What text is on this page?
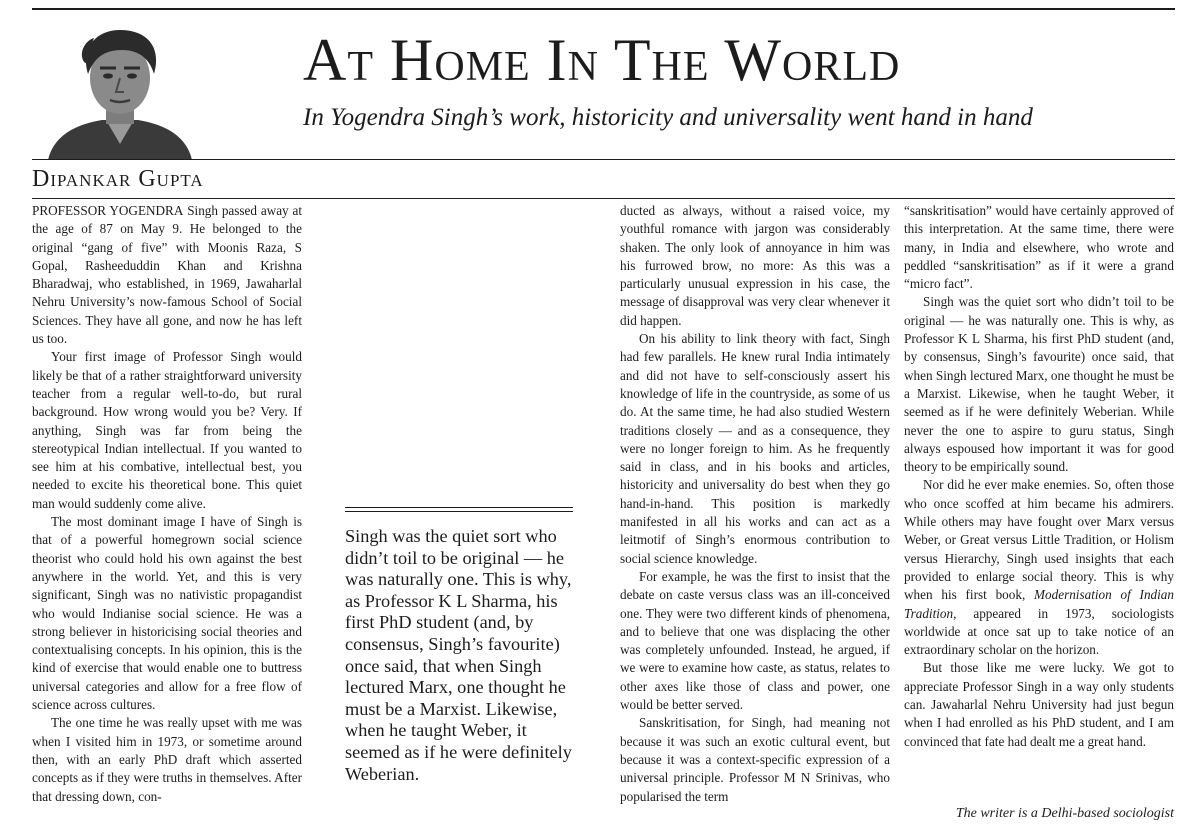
At Home In The World
In Yogendra Singh’s work, historicity and universality went hand in hand
Dipankar Gupta

PROFESSOR YOGENDRA Singh passed away at the age of 87 on May 9. He belonged to the original “gang of five” with Moonis Raza, S Gopal, Rasheeduddin Khan and Krishna Bharadwaj, who established, in 1969, Jawaharlal Nehru University’s now-famous School of Social Sciences. They have all gone, and now he has left us too.

Your first image of Professor Singh would likely be that of a rather straightforward university teacher from a regular well-to-do, but rural background. How wrong would you be? Very. If anything, Singh was far from being the stereotypical Indian intellectual. If you wanted to see him at his combative, intellectual best, you needed to excite his theoretical bone. This quiet man would suddenly come alive.

The most dominant image I have of Singh is that of a powerful homegrown social science theorist who could hold his own against the best anywhere in the world. Yet, and this is very significant, Singh was no nativistic propagandist who would Indianise social science. He was a strong believer in historicising social theories and contextualising concepts. In his opinion, this is the kind of exercise that would enable one to buttress universal categories and allow for a free flow of science across cultures.

The one time he was really upset with me was when I visited him in 1973, or sometime around then, with an early PhD draft which asserted concepts as if they were truths in themselves. After that dressing down, con-

Singh was the quiet sort who didn’t toil to be original — he was naturally one. This is why, as Professor K L Sharma, his first PhD student (and, by consensus, Singh’s favourite) once said, that when Singh lectured Marx, one thought he must be a Marxist. Likewise, when he taught Weber, it seemed as if he were definitely Weberian.

ducted as always, without a raised voice, my youthful romance with jargon was considerably shaken. The only look of annoyance in him was his furrowed brow, no more: As this was a particularly unusual expression in his case, the message of disapproval was very clear whenever it did happen.

On his ability to link theory with fact, Singh had few parallels. He knew rural India intimately and did not have to self-consciously assert his knowledge of life in the countryside, as some of us do. At the same time, he had also studied Western traditions closely — and as a consequence, they were no longer foreign to him. As he frequently said in class, and in his books and articles, historicity and universality do best when they go hand-in-hand. This position is markedly manifested in all his works and can act as a leitmotif of Singh’s enormous contribution to social science knowledge.

For example, he was the first to insist that the debate on caste versus class was an ill-conceived one. They were two different kinds of phenomena, and to believe that one was displacing the other was completely unfounded. Instead, he argued, if we were to examine how caste, as status, relates to other axes like those of class and power, one would be better served.

Sanskritisation, for Singh, had meaning not because it was such an exotic cultural event, but because it was a context-specific expression of a universal principle. Professor M N Srinivas, who popularised the term

“sanskritisation” would have certainly approved of this interpretation. At the same time, there were many, in India and elsewhere, who wrote and peddled “sanskritisation” as if it were a grand “micro fact”.

Singh was the quiet sort who didn’t toil to be original — he was naturally one. This is why, as Professor K L Sharma, his first PhD student (and, by consensus, Singh’s favourite) once said, that when Singh lectured Marx, one thought he must be a Marxist. Likewise, when he taught Weber, it seemed as if he were definitely Weberian. While never the one to aspire to guru status, Singh always espoused how important it was for good theory to be empirically sound.

Nor did he ever make enemies. So, often those who once scoffed at him became his admirers. While others may have fought over Marx versus Weber, or Great versus Little Tradition, or Holism versus Hierarchy, Singh used insights that each provided to enlarge social theory. This is why when his first book, Modernisation of Indian Tradition, appeared in 1973, sociologists worldwide at once sat up to take notice of an extraordinary scholar on the horizon.

But those like me were lucky. We got to appreciate Professor Singh in a way only students can. Jawaharlal Nehru University had just begun when I had enrolled as his PhD student, and I am convinced that fate had dealt me a great hand.

The writer is a Delhi-based sociologist
